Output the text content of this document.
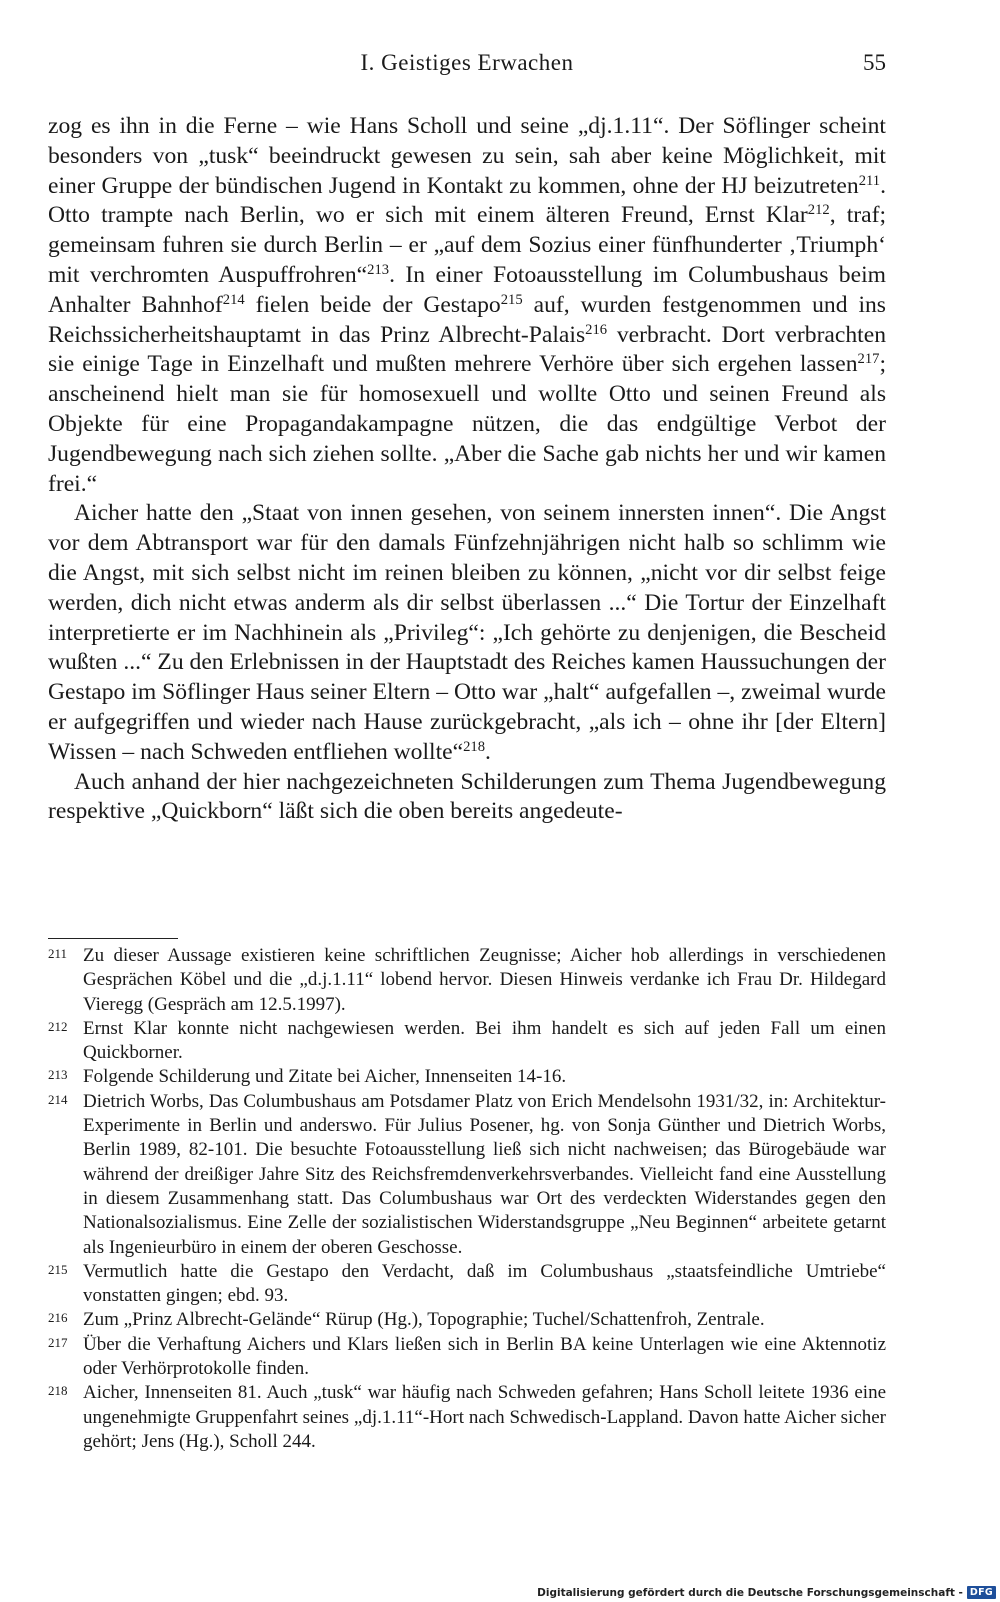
I. Geistiges Erwachen	55

zog es ihn in die Ferne – wie Hans Scholl und seine „dj.1.11“. Der Söflinger scheint besonders von „tusk“ beeindruckt gewesen zu sein, sah aber keine Möglichkeit, mit einer Gruppe der bündischen Jugend in Kontakt zu kommen, ohne der HJ beizutreten$^{211}$. Otto trampte nach Berlin, wo er sich mit einem älteren Freund, Ernst Klar$^{212}$, traf; gemeinsam fuhren sie durch Berlin – er „auf dem Sozius einer fünfhunderter ‚Triumph‘ mit verchromten Auspuffrohren“$^{213}$. In einer Fotoausstellung im Columbushaus beim Anhalter Bahnhof$^{214}$ fielen beide der Gestapo$^{215}$ auf, wurden festgenommen und ins Reichssicherheitshauptamt in das Prinz Albrecht-Palais$^{216}$ verbracht. Dort verbrachten sie einige Tage in Einzelhaft und mußten mehrere Verhöre über sich ergehen lassen$^{217}$; anscheinend hielt man sie für homosexuell und wollte Otto und seinen Freund als Objekte für eine Propagandakampagne nützen, die das endgültige Verbot der Jugendbewegung nach sich ziehen sollte. „Aber die Sache gab nichts her und wir kamen frei.“

Aicher hatte den „Staat von innen gesehen, von seinem innersten innen“. Die Angst vor dem Abtransport war für den damals Fünfzehnjährigen nicht halb so schlimm wie die Angst, mit sich selbst nicht im reinen bleiben zu können, „nicht vor dir selbst feige werden, dich nicht etwas anderm als dir selbst überlassen ...“ Die Tortur der Einzelhaft interpretierte er im Nachhinein als „Privileg“: „Ich gehörte zu denjenigen, die Bescheid wußten ...“ Zu den Erlebnissen in der Hauptstadt des Reiches kamen Haussuchungen der Gestapo im Söflinger Haus seiner Eltern – Otto war „halt“ aufgefallen –, zweimal wurde er aufgegriffen und wieder nach Hause zurückgebracht, „als ich – ohne ihr [der Eltern] Wissen – nach Schweden entfliehen wollte“$^{218}$.

Auch anhand der hier nachgezeichneten Schilderungen zum Thema Jugendbewegung respektive „Quickborn“ läßt sich die oben bereits angedeute-

211 Zu dieser Aussage existieren keine schriftlichen Zeugnisse; Aicher hob allerdings in verschiedenen Gesprächen Köbel und die „d.j.1.11“ lobend hervor. Diesen Hinweis verdanke ich Frau Dr. Hildegard Vieregg (Gespräch am 12.5.1997).

212 Ernst Klar konnte nicht nachgewiesen werden. Bei ihm handelt es sich auf jeden Fall um einen Quickborner.

213 Folgende Schilderung und Zitate bei Aicher, Innenseiten 14-16.

214 Dietrich Worbs, Das Columbushaus am Potsdamer Platz von Erich Mendelsohn 1931/32, in: Architektur-Experimente in Berlin und anderswo. Für Julius Posener, hg. von Sonja Günther und Dietrich Worbs, Berlin 1989, 82-101. Die besuchte Fotoausstellung ließ sich nicht nachweisen; das Bürogebäude war während der dreißiger Jahre Sitz des Reichsfremdenverkehrsverbandes. Vielleicht fand eine Ausstellung in diesem Zusammenhang statt. Das Columbushaus war Ort des verdeckten Widerstandes gegen den Nationalsozialismus. Eine Zelle der sozialistischen Widerstandsgruppe „Neu Beginnen“ arbeitete getarnt als Ingenieurbüro in einem der oberen Geschosse.

215 Vermutlich hatte die Gestapo den Verdacht, daß im Columbushaus „staatsfeindliche Umtriebe“ vonstatten gingen; ebd. 93.

216 Zum „Prinz Albrecht-Gelände“ Rürup (Hg.), Topographie; Tuchel/Schattenfroh, Zentrale.

217 Über die Verhaftung Aichers und Klars ließen sich in Berlin BA keine Unterlagen wie eine Aktennotiz oder Verhörprotokolle finden.

218 Aicher, Innenseiten 81. Auch „tusk“ war häufig nach Schweden gefahren; Hans Scholl leitete 1936 eine ungenehmigte Gruppenfahrt seines „dj.1.11“-Hort nach Schwedisch-Lappland. Davon hatte Aicher sicher gehört; Jens (Hg.), Scholl 244.

Digitalisierung gefördert durch die Deutsche Forschungsgemeinschaft - DFG
